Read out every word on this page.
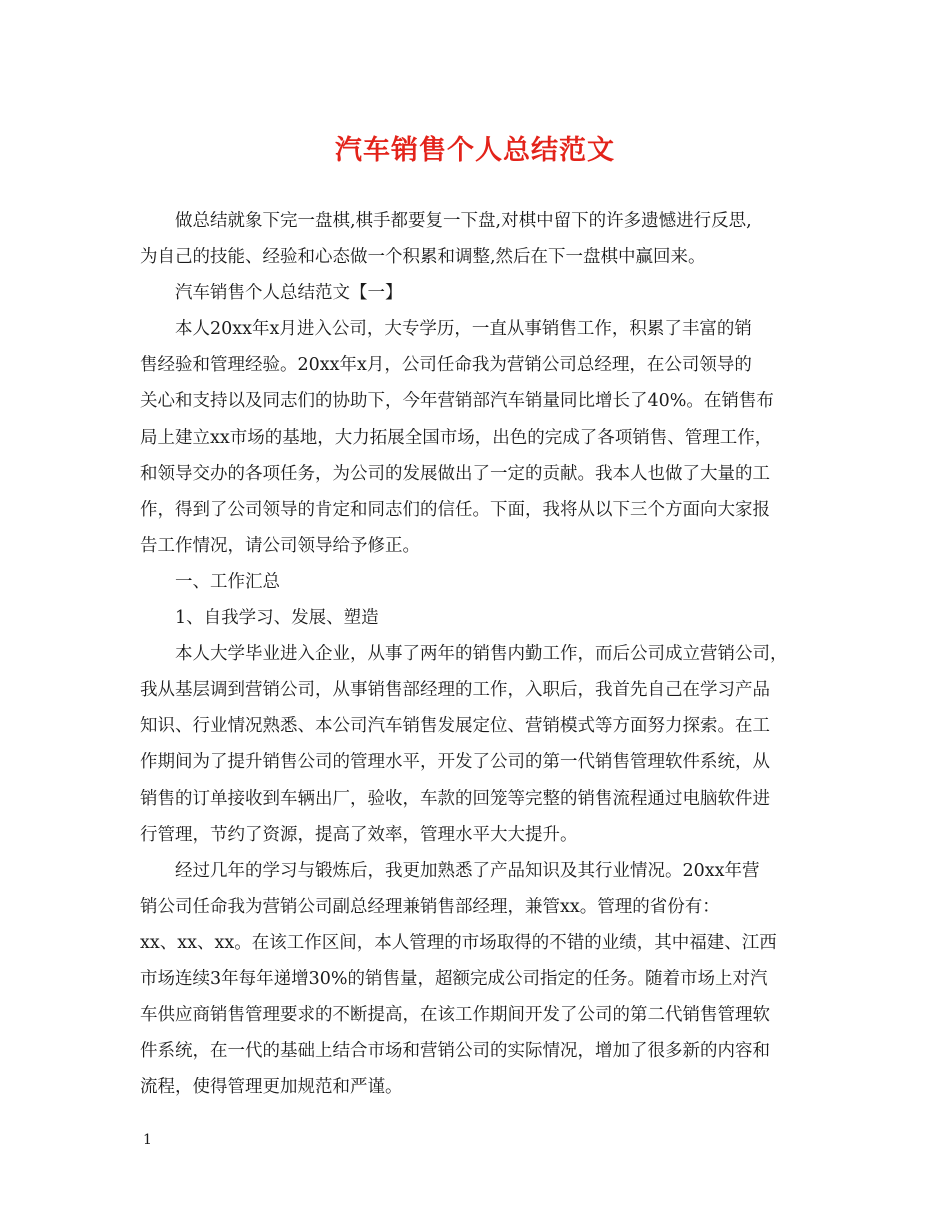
汽车销售个人总结范文
做总结就象下完一盘棋,棋手都要复一下盘,对棋中留下的许多遗憾进行反思,
为自己的技能、经验和心态做一个积累和调整,然后在下一盘棋中赢回来。
汽车销售个人总结范文【一】
本人20xx年x月进入公司，大专学历，一直从事销售工作，积累了丰富的销
售经验和管理经验。20xx年x月，公司任命我为营销公司总经理，在公司领导的
关心和支持以及同志们的协助下，今年营销部汽车销量同比增长了40%。在销售布
局上建立xx市场的基地，大力拓展全国市场，出色的完成了各项销售、管理工作，
和领导交办的各项任务，为公司的发展做出了一定的贡献。我本人也做了大量的工
作，得到了公司领导的肯定和同志们的信任。下面，我将从以下三个方面向大家报
告工作情况，请公司领导给予修正。
一、工作汇总
1、自我学习、发展、塑造
本人大学毕业进入企业，从事了两年的销售内勤工作，而后公司成立营销公司，
我从基层调到营销公司，从事销售部经理的工作，入职后，我首先自己在学习产品
知识、行业情况熟悉、本公司汽车销售发展定位、营销模式等方面努力探索。在工
作期间为了提升销售公司的管理水平，开发了公司的第一代销售管理软件系统，从
销售的订单接收到车辆出厂，验收，车款的回笼等完整的销售流程通过电脑软件进
行管理，节约了资源，提高了效率，管理水平大大提升。
经过几年的学习与锻炼后，我更加熟悉了产品知识及其行业情况。20xx年营
销公司任命我为营销公司副总经理兼销售部经理，兼管xx。管理的省份有：
xx、xx、xx。在该工作区间，本人管理的市场取得的不错的业绩，其中福建、江西
市场连续3年每年递增30%的销售量，超额完成公司指定的任务。随着市场上对汽
车供应商销售管理要求的不断提高，在该工作期间开发了公司的第二代销售管理软
件系统，在一代的基础上结合市场和营销公司的实际情况，增加了很多新的内容和
流程，使得管理更加规范和严谨。
1
